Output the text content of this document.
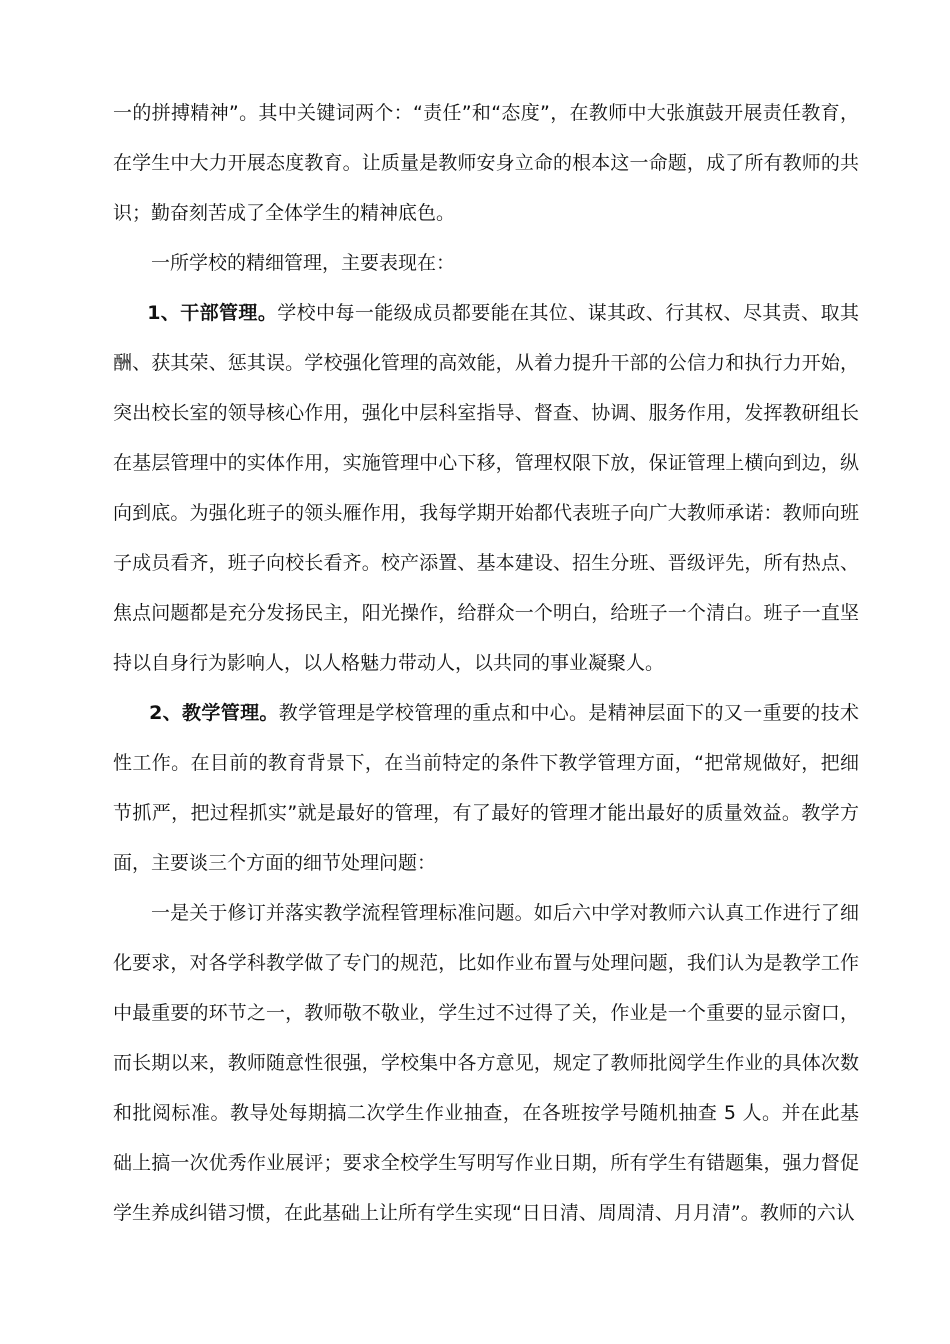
一的拼搏精神”。其中关键词两个：“责任”和“态度”，在教师中大张旗鼓开展责任教育，在学生中大力开展态度教育。让质量是教师安身立命的根本这一命题，成了所有教师的共识；勤奋刻苦成了全体学生的精神底色。

一所学校的精细管理，主要表现在：

1、干部管理。学校中每一能级成员都要能在其位、谋其政、行其权、尽其责、取其酬、获其荣、惩其误。学校强化管理的高效能，从着力提升干部的公信力和执行力开始，突出校长室的领导核心作用，强化中层科室指导、督查、协调、服务作用，发挥教研组长在基层管理中的实体作用，实施管理中心下移，管理权限下放，保证管理上横向到边，纵向到底。为强化班子的领头雁作用，我每学期开始都代表班子向广大教师承诺：教师向班子成员看齐，班子向校长看齐。校产添置、基本建设、招生分班、晋级评先，所有热点、焦点问题都是充分发扬民主，阳光操作，给群众一个明白，给班子一个清白。班子一直坚持以自身行为影响人，以人格魅力带动人，以共同的事业凝聚人。

2、教学管理。教学管理是学校管理的重点和中心。是精神层面下的又一重要的技术性工作。在目前的教育背景下，在当前特定的条件下教学管理方面，“把常规做好，把细节抓严，把过程抓实”就是最好的管理，有了最好的管理才能出最好的质量效益。教学方面，主要谈三个方面的细节处理问题：

一是关于修订并落实教学流程管理标准问题。如后六中学对教师六认真工作进行了细化要求，对各学科教学做了专门的规范，比如作业布置与处理问题，我们认为是教学工作中最重要的环节之一，教师敬不敬业，学生过不过得了关，作业是一个重要的显示窗口，而长期以来，教师随意性很强，学校集中各方意见，规定了教师批阅学生作业的具体次数和批阅标准。教导处每期搞二次学生作业抽查，在各班按学号随机抽查 5 人。并在此基础上搞一次优秀作业展评；要求全校学生写明写作业日期，所有学生有错题集，强力督促学生养成纠错习惯，在此基础上让所有学生实现“日日清、周周清、月月清”。教师的六认
